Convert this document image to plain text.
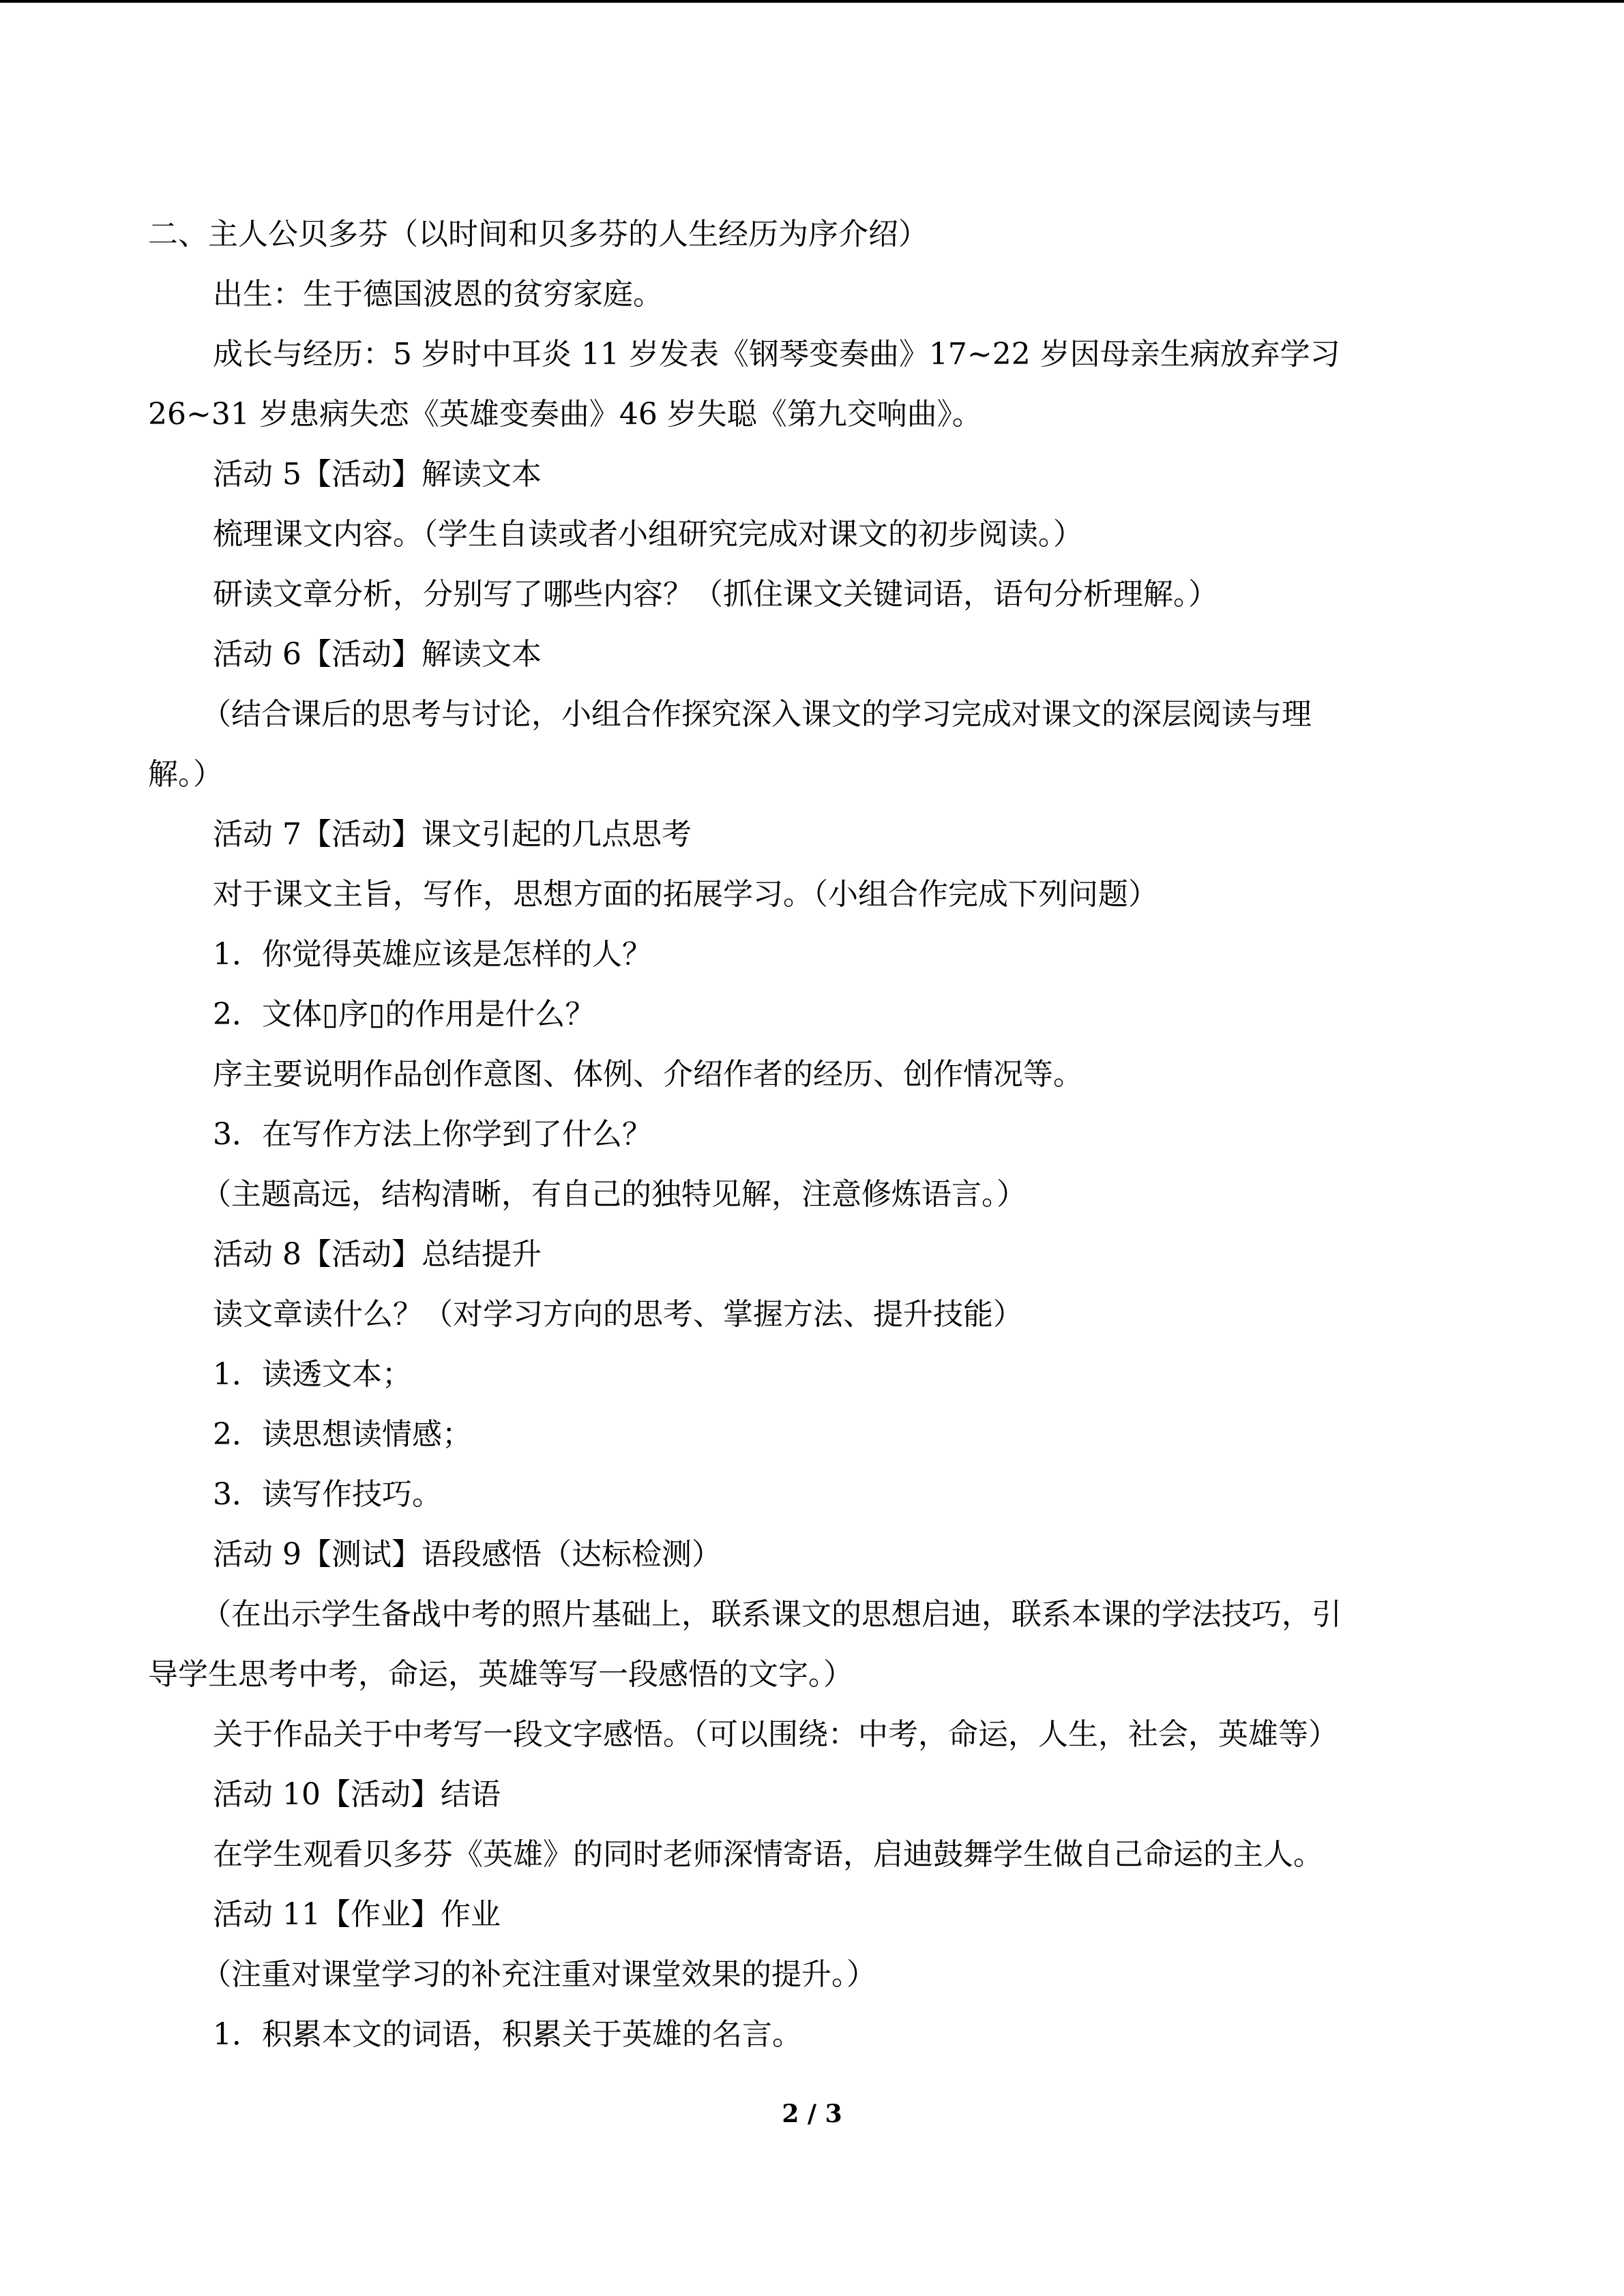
二、主人公贝多芬（以时间和贝多芬的人生经历为序介绍）
出生：生于德国波恩的贫穷家庭。
成长与经历：5 岁时中耳炎 11 岁发表《钢琴变奏曲》17~22 岁因母亲生病放弃学习
26~31 岁患病失恋《英雄变奏曲》46 岁失聪《第九交响曲》。
活动 5【活动】解读文本
梳理课文内容。（学生自读或者小组研究完成对课文的初步阅读。）
研读文章分析，分别写了哪些内容？（抓住课文关键词语，语句分析理解。）
活动 6【活动】解读文本
（结合课后的思考与讨论，小组合作探究深入课文的学习完成对课文的深层阅读与理
解。）
活动 7【活动】课文引起的几点思考
对于课文主旨，写作，思想方面的拓展学习。（小组合作完成下列问题）
1．你觉得英雄应该是怎样的人？
2．文体▯序▯的作用是什么？
序主要说明作品创作意图、体例、介绍作者的经历、创作情况等。
3．在写作方法上你学到了什么？
（主题高远，结构清晰，有自己的独特见解，注意修炼语言。）
活动 8【活动】总结提升
读文章读什么？（对学习方向的思考、掌握方法、提升技能）
1．读透文本；
2．读思想读情感；
3．读写作技巧。
活动 9【测试】语段感悟（达标检测）
（在出示学生备战中考的照片基础上，联系课文的思想启迪，联系本课的学法技巧，引
导学生思考中考，命运，英雄等写一段感悟的文字。）
关于作品关于中考写一段文字感悟。（可以围绕：中考，命运，人生，社会，英雄等）
活动 10【活动】结语
在学生观看贝多芬《英雄》的同时老师深情寄语，启迪鼓舞学生做自己命运的主人。
活动 11【作业】作业
（注重对课堂学习的补充注重对课堂效果的提升。）
1．积累本文的词语，积累关于英雄的名言。
2 / 3
